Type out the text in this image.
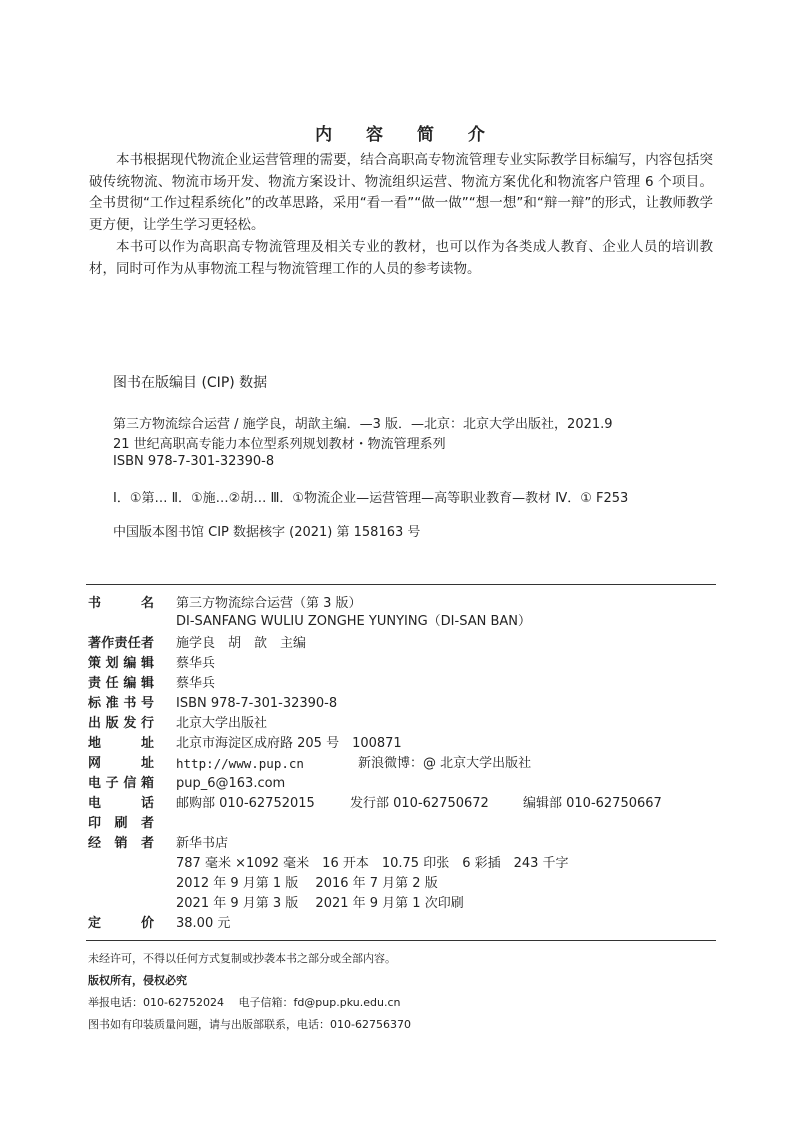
内 容 简 介
本书根据现代物流企业运营管理的需要，结合高职高专物流管理专业实际教学目标编写，内容包括突破传统物流、物流市场开发、物流方案设计、物流组织运营、物流方案优化和物流客户管理 6 个项目。全书贯彻“工作过程系统化”的改革思路，采用“看一看”“做一做”“想一想”和“辩一辩”的形式，让教师教学更方便，让学生学习更轻松。
本书可以作为高职高专物流管理及相关专业的教材，也可以作为各类成人教育、企业人员的培训教材，同时可作为从事物流工程与物流管理工作的人员的参考读物。
图书在版编目 (CIP) 数据
第三方物流综合运营 / 施学良，胡歆主编．—3 版．—北京：北京大学出版社，2021.9
21 世纪高职高专能力本位型系列规划教材・物流管理系列
ISBN 978-7-301-32390-8
Ⅰ．①第… Ⅱ．①施…②胡… Ⅲ．①物流企业—运营管理—高等职业教育—教材 Ⅳ．① F253
中国版本图书馆 CIP 数据核字 (2021) 第 158163 号
书名 第三方物流综合运营（第 3 版）
DI-SANFANG WULIU ZONGHE YUNYING（DI-SAN BAN）
著作责任者 施学良　胡　歆　主编
策划编辑 蔡华兵
责任编辑 蔡华兵
标准书号 ISBN 978-7-301-32390-8
出版发行 北京大学出版社
地址 北京市海淀区成府路 205 号　100871
网址 http://www.pup.cn	新浪微博：@ 北京大学出版社
电子信箱 pup_6@163.com
电话 邮购部 010-62752015	发行部 010-62750672	编辑部 010-62750667
印刷者
经销者 新华书店
787 毫米 ×1092 毫米　16 开本　10.75 印张　6 彩插　243 千字
2012 年 9 月第 1 版　 2016 年 7 月第 2 版
2021 年 9 月第 3 版　 2021 年 9 月第 1 次印刷
定价 38.00 元
未经许可，不得以任何方式复制或抄袭本书之部分或全部内容。
版权所有，侵权必究
举报电话：010-62752024　 电子信箱：fd@pup.pku.edu.cn
图书如有印装质量问题，请与出版部联系，电话：010-62756370
